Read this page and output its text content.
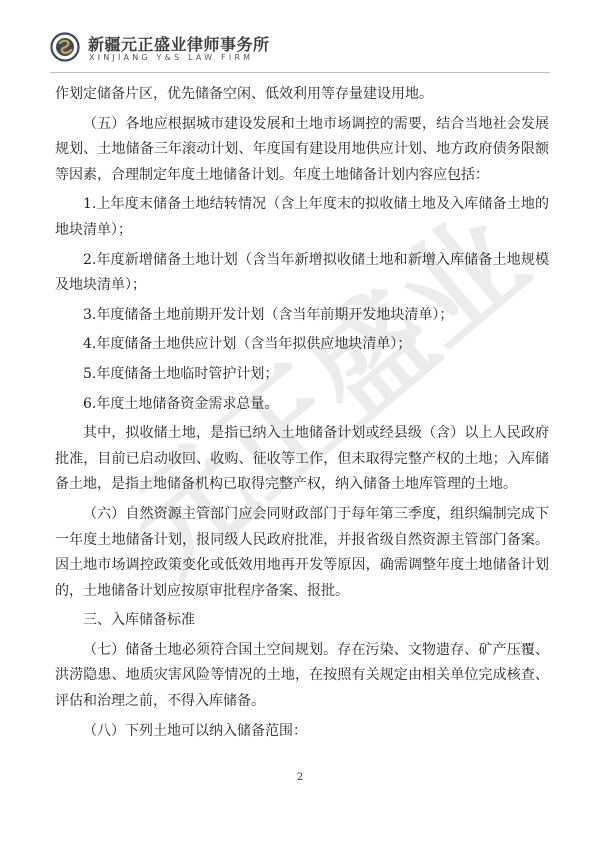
新疆元正盛业律师事务所
XINJIANG Y&S LAW FIRM
元正盛业

作划定储备片区，优先储备空闲、低效利用等存量建设用地。

（五）各地应根据城市建设发展和土地市场调控的需要，结合当地社会发展规划、土地储备三年滚动计划、年度国有建设用地供应计划、地方政府债务限额等因素，合理制定年度土地储备计划。年度土地储备计划内容应包括：

1.上年度末储备土地结转情况（含上年度末的拟收储土地及入库储备土地的地块清单）；

2.年度新增储备土地计划（含当年新增拟收储土地和新增入库储备土地规模及地块清单）；

3.年度储备土地前期开发计划（含当年前期开发地块清单）；

4.年度储备土地供应计划（含当年拟供应地块清单）；

5.年度储备土地临时管护计划；

6.年度土地储备资金需求总量。

其中，拟收储土地，是指已纳入土地储备计划或经县级（含）以上人民政府批准，目前已启动收回、收购、征收等工作，但未取得完整产权的土地；入库储备土地，是指土地储备机构已取得完整产权，纳入储备土地库管理的土地。

（六）自然资源主管部门应会同财政部门于每年第三季度，组织编制完成下一年度土地储备计划，报同级人民政府批准，并报省级自然资源主管部门备案。因土地市场调控政策变化或低效用地再开发等原因，确需调整年度土地储备计划的，土地储备计划应按原审批程序备案、报批。

三、入库储备标准

（七）储备土地必须符合国土空间规划。存在污染、文物遗存、矿产压覆、洪涝隐患、地质灾害风险等情况的土地，在按照有关规定由相关单位完成核查、评估和治理之前，不得入库储备。

（八）下列土地可以纳入储备范围：

2
